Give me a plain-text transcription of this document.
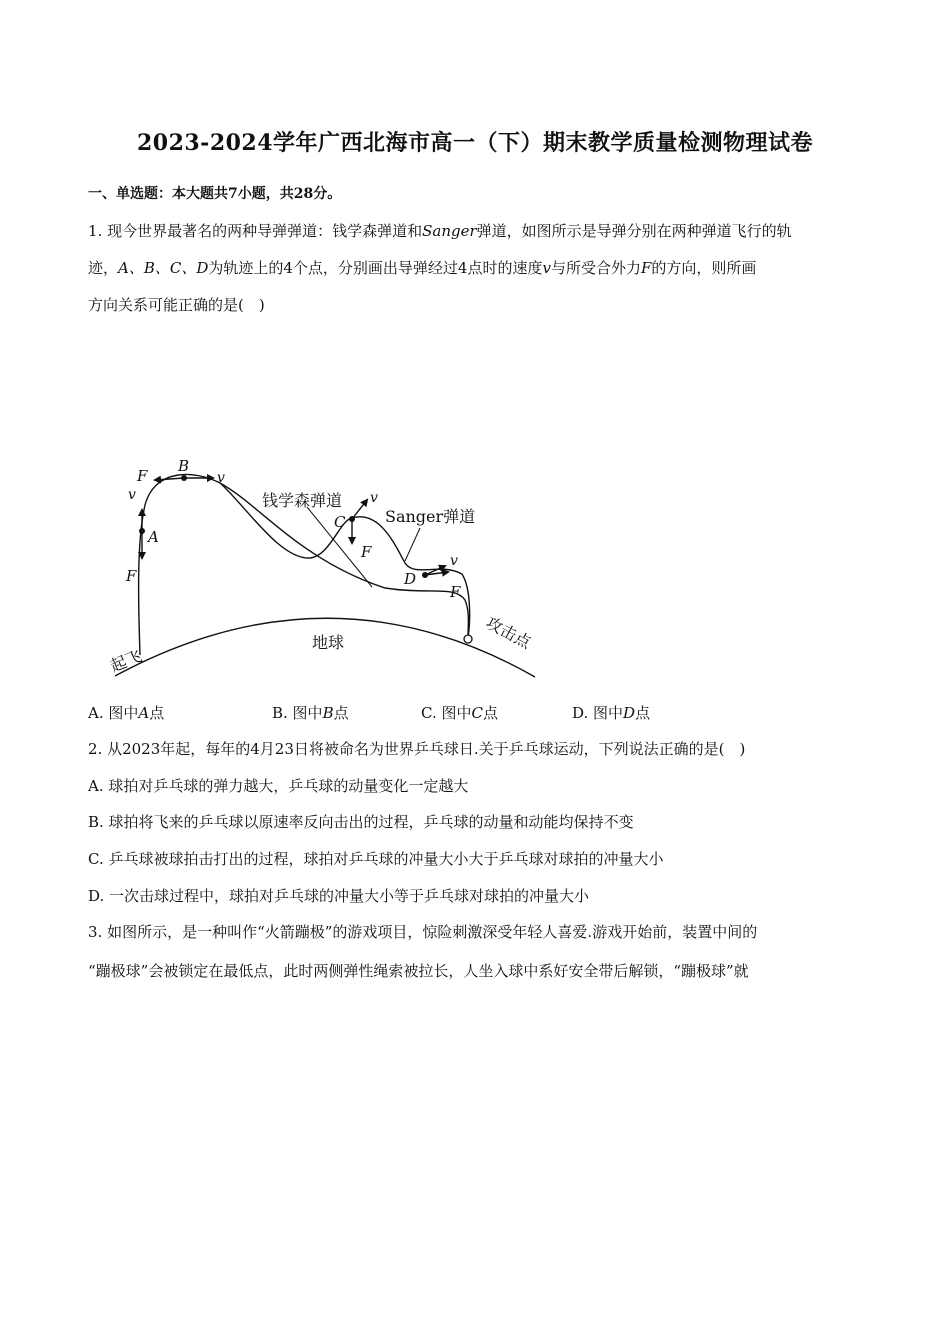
2023-2024学年广西北海市高一（下）期末教学质量检测物理试卷
一、单选题：本大题共7小题，共28分。
1. 现今世界最著名的两种导弹弹道：钱学森弹道和Sanger弹道，如图所示是导弹分别在两种弹道飞行的轨
迹，A、B、C、D为轨迹上的4个点，分别画出导弹经过4点时的速度v与所受合外力F的方向，则所画
方向关系可能正确的是(　)
钱学森弹道
Sanger弹道
地球
起飞
攻击点
A
B
C
D
F
v
F	v
v
F	v
F
A. 图中A点	B. 图中B点	C. 图中C点	D. 图中D点
2. 从2023年起，每年的4月23日将被命名为世界乒乓球日.关于乒乓球运动，下列说法正确的是(　)
A. 球拍对乒乓球的弹力越大，乒乓球的动量变化一定越大
B. 球拍将飞来的乒乓球以原速率反向击出的过程，乒乓球的动量和动能均保持不变
C. 乒乓球被球拍击打出的过程，球拍对乒乓球的冲量大小大于乒乓球对球拍的冲量大小
D. 一次击球过程中，球拍对乒乓球的冲量大小等于乒乓球对球拍的冲量大小
3. 如图所示，是一种叫作“火箭蹦极”的游戏项目，惊险刺激深受年轻人喜爱.游戏开始前，装置中间的
“蹦极球”会被锁定在最低点，此时两侧弹性绳索被拉长，人坐入球中系好安全带后解锁，“蹦极球”就
